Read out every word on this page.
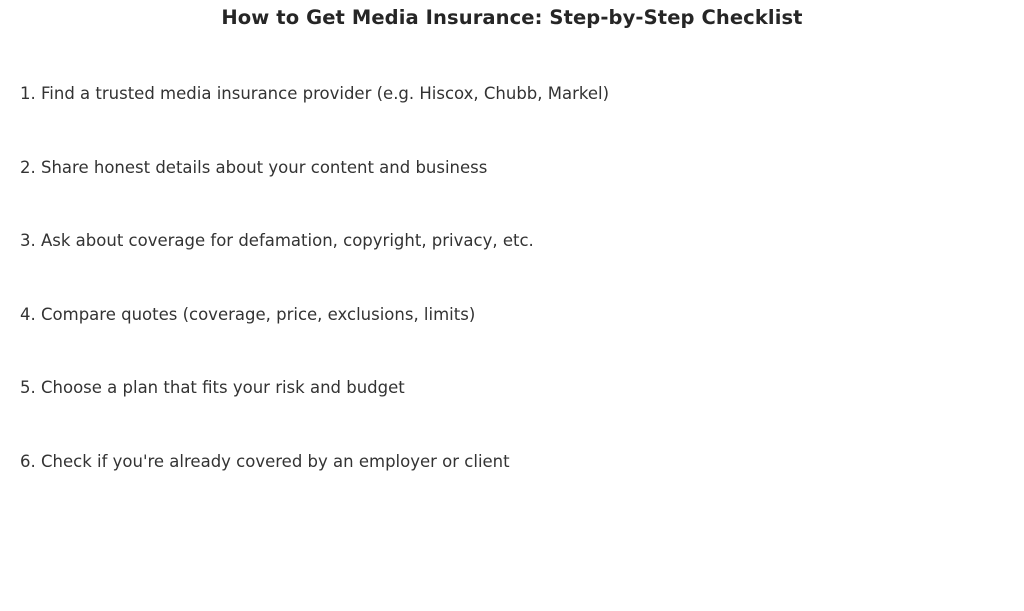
How to Get Media Insurance: Step-by-Step Checklist
1. Find a trusted media insurance provider (e.g. Hiscox, Chubb, Markel)
2. Share honest details about your content and business
3. Ask about coverage for defamation, copyright, privacy, etc.
4. Compare quotes (coverage, price, exclusions, limits)
5. Choose a plan that fits your risk and budget
6. Check if you're already covered by an employer or client
